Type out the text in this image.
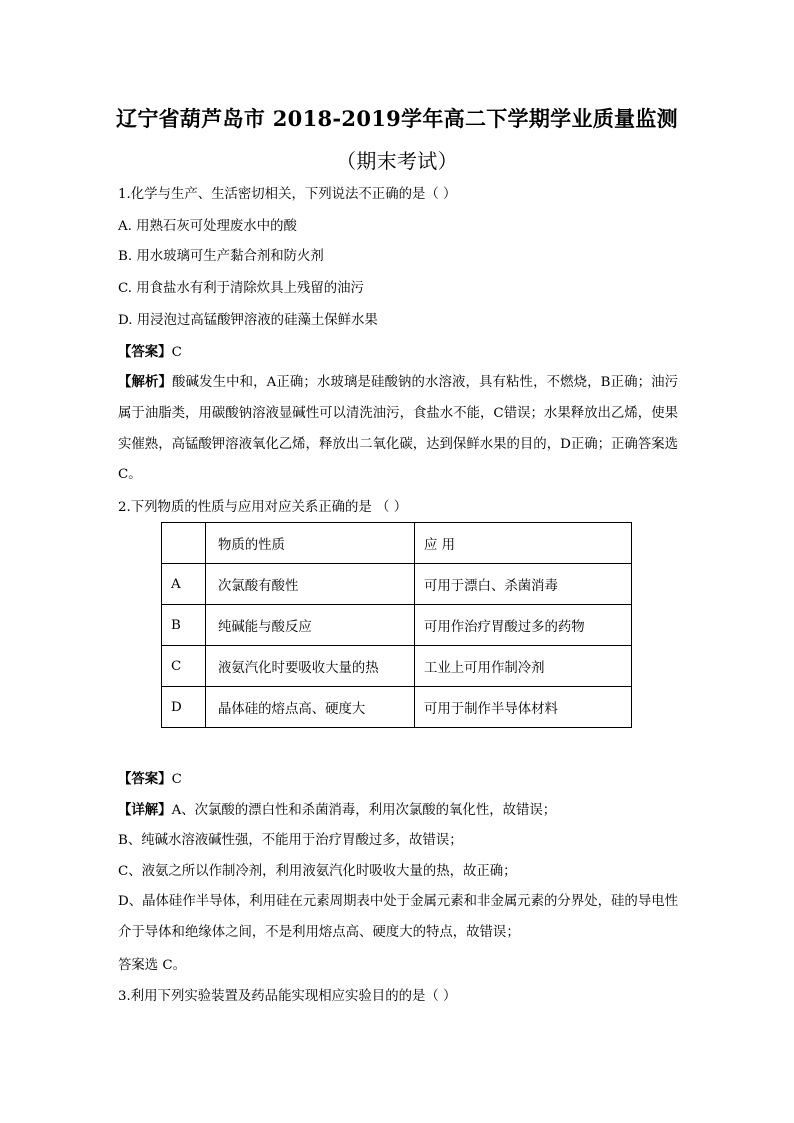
辽宁省葫芦岛市 2018-2019学年高二下学期学业质量监测
（期末考试）
1.化学与生产、生活密切相关，下列说法不正确的是（ ）
A. 用熟石灰可处理废水中的酸
B. 用水玻璃可生产黏合剂和防火剂
C. 用食盐水有利于清除炊具上残留的油污
D. 用浸泡过高锰酸钾溶液的硅藻土保鲜水果
【答案】C
【解析】酸碱发生中和，A正确；水玻璃是硅酸钠的水溶液，具有粘性，不燃烧，B正确；油污属于油脂类，用碳酸钠溶液显碱性可以清洗油污，食盐水不能，C错误；水果释放出乙烯，使果实催熟，高锰酸钾溶液氧化乙烯，释放出二氧化碳，达到保鲜水果的目的，D正确；正确答案选 C。
2.下列物质的性质与应用对应关系正确的是 （ ）
	物质的性质	应 用
A	次氯酸有酸性	可用于漂白、杀菌消毒
B	纯碱能与酸反应	可用作治疗胃酸过多的药物
C	液氨汽化时要吸收大量的热	工业上可用作制冷剂
D	晶体硅的熔点高、硬度大	可用于制作半导体材料
【答案】C
【详解】A、次氯酸的漂白性和杀菌消毒，利用次氯酸的氧化性，故错误；
B、纯碱水溶液碱性强，不能用于治疗胃酸过多，故错误；
C、液氨之所以作制冷剂，利用液氨汽化时吸收大量的热，故正确；
D、晶体硅作半导体，利用硅在元素周期表中处于金属元素和非金属元素的分界处，硅的导电性介于导体和绝缘体之间，不是利用熔点高、硬度大的特点，故错误；
答案选 C。
3.利用下列实验装置及药品能实现相应实验目的的是（ ）
